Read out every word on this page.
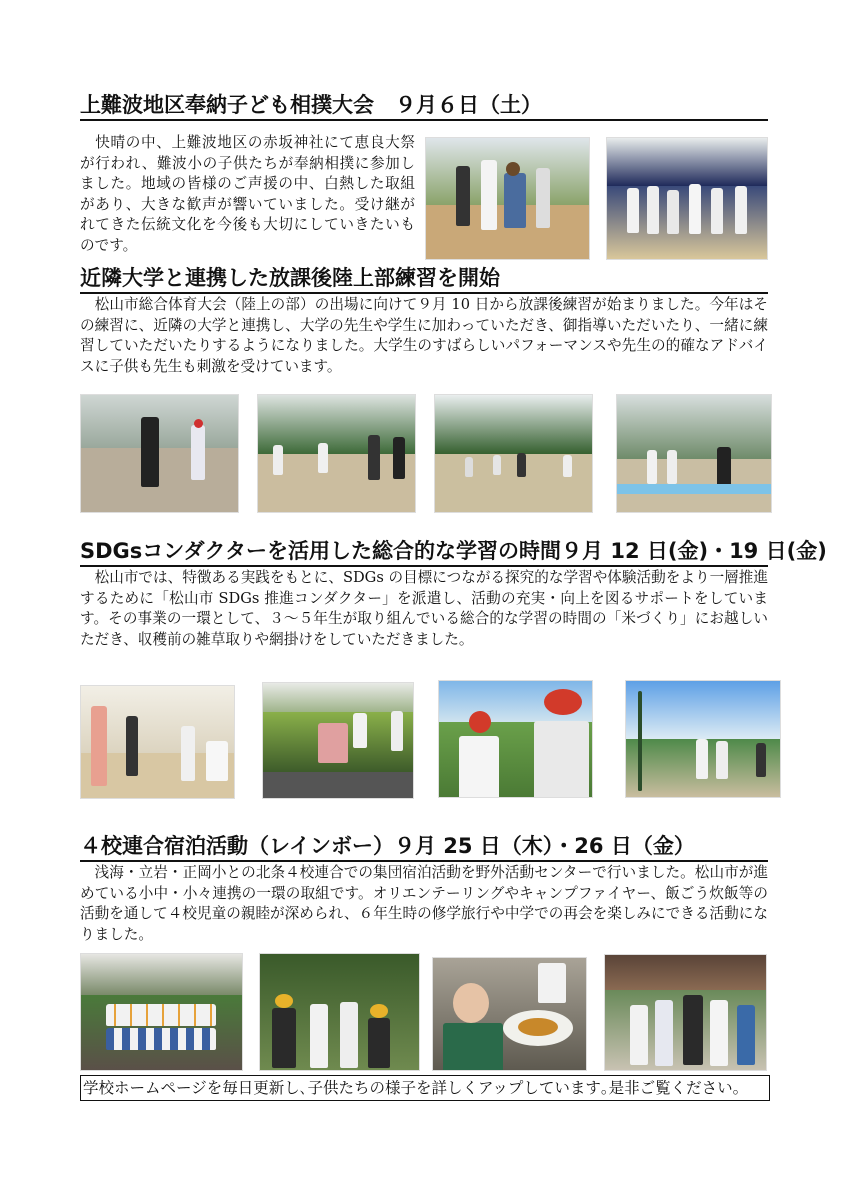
上難波地区奉納子ども相撲大会　９月６日（土）

　快晴の中、上難波地区の赤坂神社にて恵良大祭が行われ、難波小の子供たちが奉納相撲に参加しました。地域の皆様のご声援の中、白熱した取組があり、大きな歓声が響いていました。受け継がれてきた伝統文化を今後も大切にしていきたいものです。

近隣大学と連携した放課後陸上部練習を開始

　松山市総合体育大会（陸上の部）の出場に向けて９月 10 日から放課後練習が始まりました。今年はその練習に、近隣の大学と連携し、大学の先生や学生に加わっていただき、御指導いただいたり、一緒に練習していただいたりするようになりました。大学生のすばらしいパフォーマンスや先生の的確なアドバイスに子供も先生も刺激を受けています。

SDGsコンダクターを活用した総合的な学習の時間９月 12 日(金)・19 日(金)

　松山市では、特徴ある実践をもとに、SDGs の目標につながる探究的な学習や体験活動をより一層推進するために「松山市 SDGs 推進コンダクター」を派遣し、活動の充実・向上を図るサポートをしています。その事業の一環として、３～５年生が取り組んでいる総合的な学習の時間の「米づくり」にお越しいただき、収穫前の雑草取りや網掛けをしていただきました。

４校連合宿泊活動（レインボー）９月 25 日（木）・26 日（金）

　浅海・立岩・正岡小との北条４校連合での集団宿泊活動を野外活動センターで行いました。松山市が進めている小中・小々連携の一環の取組です。オリエンテーリングやキャンプファイヤー、飯ごう炊飯等の活動を通して４校児童の親睦が深められ、６年生時の修学旅行や中学での再会を楽しみにできる活動になりました。

学校ホームページを毎日更新し､子供たちの様子を詳しくアップしています｡是非ご覧ください｡
